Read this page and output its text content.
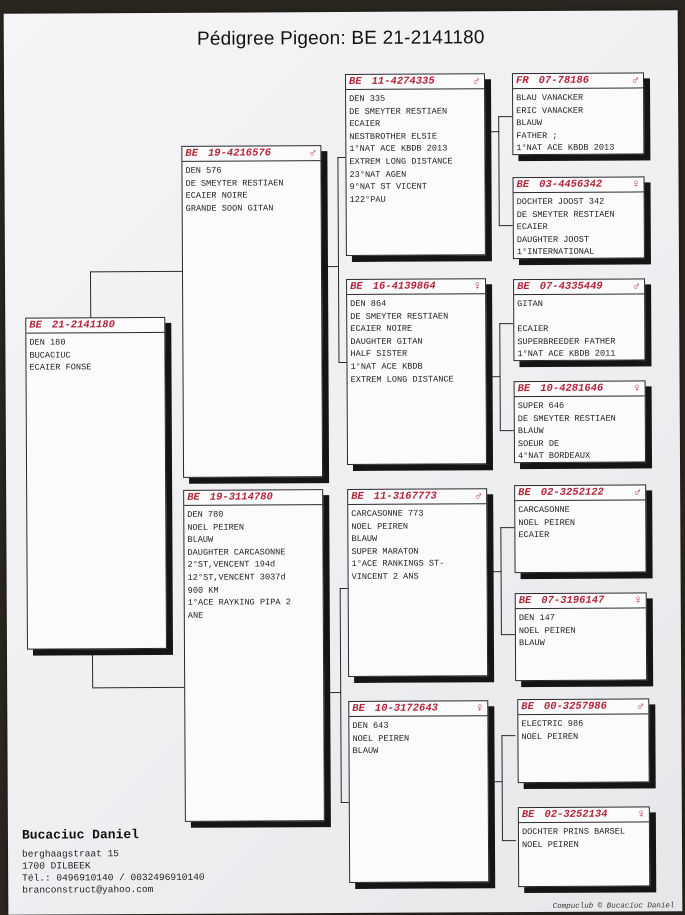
Pédigree Pigeon: BE 21-2141180
BE 21-2141180
DEN 180
BUCACIUC
ECAIER FONSE
BE 19-4216576	♂
DEN 576
DE SMEYTER RESTIAEN
ECAIER NOIRE
GRANDE SOON GITAN
BE 19-3114780
DEN 780
NOEL PEIREN
BLAUW
DAUGHTER CARCASONNE
2°ST,VENCENT 194d
12°ST,VENCENT 3037d
900 KM
1°ACE RAYKING PIPA 2
ANE
BE 11-4274335	♂
DEN 335
DE SMEYTER RESTIAEN
ECAIER
NESTBROTHER ELSIE
1°NAT ACE KBDB 2013
EXTREM LONG DISTANCE
23°NAT AGEN
9°NAT ST VICENT
122°PAU
BE 16-4139864	♀
DEN 864
DE SMEYTER RESTIAEN
ECAIER NOIRE
DAUGHTER GITAN
HALF SISTER
1°NAT ACE KBDB
EXTREM LONG DISTANCE
BE 11-3167773	♂
CARCASONNE 773
NOEL PEIREN
BLAUW
SUPER MARATON
1°ACE RANKINGS ST-
VINCENT 2 ANS
BE 10-3172643	♀
DEN 643
NOEL PEIREN
BLAUW
FR 07-78186	♂
BLAU VANACKER
ERIC VANACKER
BLAUW
FATHER ;
1°NAT ACE KBDB 2013
BE 03-4456342	♀
DOCHTER JOOST 342
DE SMEYTER RESTIAEN
ECAIER
DAUGHTER JOOST
1°INTERNATIONAL
BE 07-4335449	♂
GITAN
ECAIER
SUPERBREEDER FATHER
1°NAT ACE KBDB 2011
BE 10-4281646	♀
SUPER 646
DE SMEYTER RESTIAEN
BLAUW
SOEUR DE
4°NAT BORDEAUX
BE 02-3252122	♂
CARCASONNE
NOEL PEIREN
ECAIER
BE 07-3196147	♀
DEN 147
NOEL PEIREN
BLAUW
BE 00-3257986	♂
ELECTRIC 986
NOEL PEIREN
BE 02-3252134	♀
DOCHTER PRINS BARSEL
NOEL PEIREN
Bucaciuc Daniel
berghaagstraat 15
1700 DILBEEK
Tél.: 0496910140 / 0032496910140
branconstruct@yahoo.com
Compuclub © Bucaciuc Daniel
